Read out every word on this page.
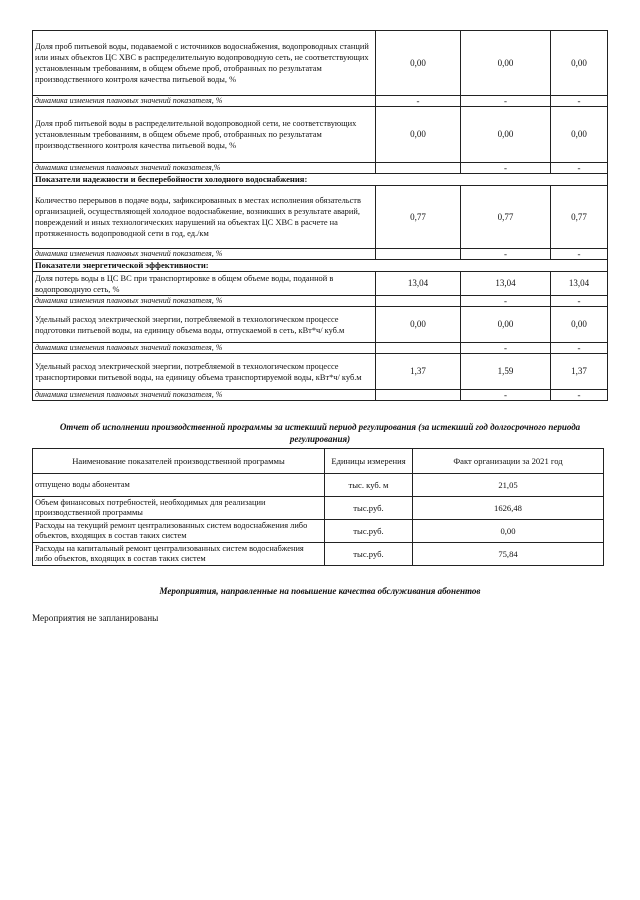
Доля проб питьевой воды, подаваемой с источников водоснабжения, водопроводных станций или иных объектов ЦС ХВС в распределительную водопроводную сеть, не соответствующих установленным требованиям, в общем объеме проб, отобранных по результатам производственного контроля качества питьевой воды, %	0,00	0,00	0,00
динамика изменения плановых значений показателя, %	-	-	-
Доля проб питьевой воды в распределительной водопроводной сети, не соответствующих установленным требованиям, в общем объеме проб, отобранных по результатам производственного контроля качества питьевой воды, %	0,00	0,00	0,00
динамика изменения плановых значений показателя,%		-	-
Показатели надежности и бесперебойности холодного водоснабжения:			
Количество перерывов в подаче воды, зафиксированных в местах исполнения обязательств организацией, осуществляющей холодное водоснабжение, возникших в результате аварий, повреждений и иных технологических нарушений на объектах ЦС ХВС в расчете на протяженность водопроводной сети в год, ед./км	0,77	0,77	0,77
динамика изменения плановых значений показателя, %		-	-
Показатели энергетической эффективности:			
Доля потерь воды в ЦС ВС при транспортировке в общем объеме воды, поданной в водопроводную сеть, %	13,04	13,04	13,04
динамика изменения плановых значений показателя, %		-	-
Удельный расход электрической энергии, потребляемой в технологическом процессе подготовки питьевой воды, на единицу объема воды, отпускаемой в сеть, кВт*ч/ куб.м	0,00	0,00	0,00
динамика изменения плановых значений показателя, %		-	-
Удельный расход электрической энергии, потребляемой в технологическом процессе транспортировки питьевой воды, на единицу объема транспортируемой воды, кВт*ч/ куб.м	1,37	1,59	1,37
динамика изменения плановых значений показателя, %		-	-
Отчет об исполнении производственной программы за истекший период регулирования (за истекший год долгосрочного периода регулирования)
Наименование показателей производственной программы	Единицы измерения	Факт организации за 2021 год
отпущено воды абонентам	тыс. куб. м	21,05
Объем финансовых потребностей, необходимых для реализации производственной программы	тыс.руб.	1626,48
Расходы на текущий ремонт централизованных систем водоснабжения либо объектов, входящих в состав таких систем	тыс.руб.	0,00
Расходы на капитальный ремонт централизованных систем водоснабжения либо объектов, входящих в состав таких систем	тыс.руб.	75,84
Мероприятия, направленные на повышение качества обслуживания абонентов
Мероприятия не запланированы
